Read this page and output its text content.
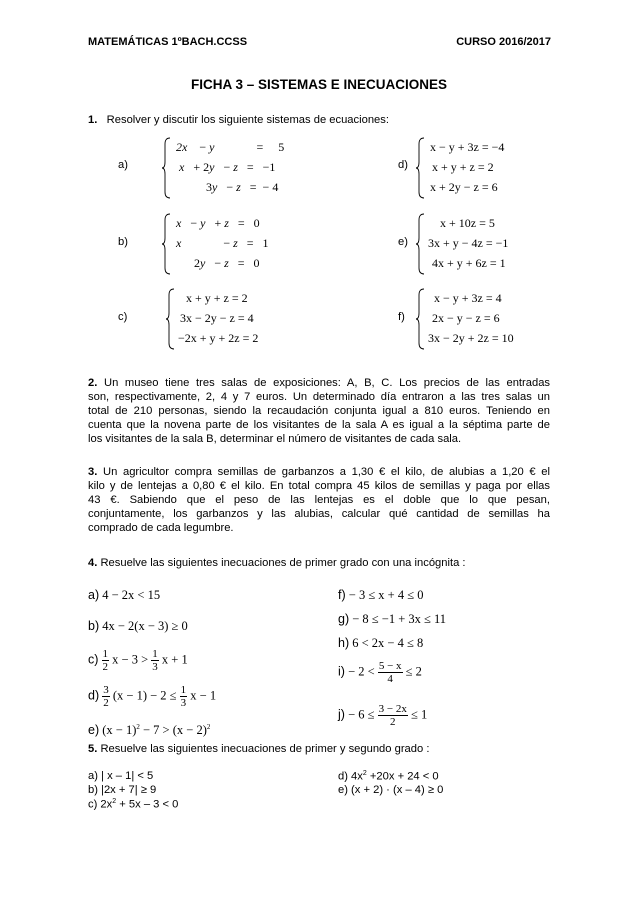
MATEMÁTICAS 1ºBACH.CCSS	CURSO 2016/2017
FICHA 3 – SISTEMAS E INECUACIONES
1. Resolver y discutir los siguiente sistemas de ecuaciones:
a)
2x    − y              =     5
x   + 2y   − z   =   −1
3y   − z   =  − 4
b)
x   − y   + z   =   0
x              − z   =   1
2y   − z   =   0
c)
x + y + z = 2
3x − 2y − z = 4
−2x + y + 2z = 2
d)
x − y + 3z = −4
x + y + z = 2
x + 2y − z = 6
e)
x + 10z = 5
3x + y − 4z = −1
4x + y + 6z = 1
f)
x − y + 3z = 4
2x − y − z = 6
3x − 2y + 2z = 10
2. Un museo tiene tres salas de exposiciones: A, B, C. Los precios de las entradas
son, respectivamente, 2, 4 y 7 euros. Un determinado día entraron a las tres salas un
total de 210 personas, siendo la recaudación conjunta igual a 810 euros. Teniendo en
cuenta que la novena parte de los visitantes de la sala A es igual a la séptima parte de
los visitantes de la sala B, determinar el número de visitantes de cada sala.
3. Un agricultor compra semillas de garbanzos a 1,30 € el kilo, de alubias a 1,20 € el
kilo y de lentejas a 0,80 € el kilo. En total compra 45 kilos de semillas y paga por ellas
43 €. Sabiendo que el peso de las lentejas es el doble que lo que pesan,
conjuntamente, los garbanzos y las alubias, calcular qué cantidad de semillas ha
comprado de cada legumbre.
4. Resuelve las siguientes inecuaciones de primer grado con una incógnita :
a) 4 − 2x < 15
b) 4x − 2(x − 3) ≥ 0
$c) \frac{1}{2}$ $x - 3 > \frac{1}{3}$ x + 1
$d) \frac{3}{2} (x - 1) - 2 \le \frac{1}{3}$ x − 1
e) $(x - 1)^2 - 7 > (x - 2)^2$
f) − 3 ≤ x + 4 ≤ 0
g) − 8 ≤ −1 + 3x ≤ 11
h) 6 < 2x − 4 ≤ 8
$i) - 2 < \frac{5 - x}{4} \le 2$
$j) - 6 \le \frac{3 - 2x}{2} \le 1$
5. Resuelve las siguientes inecuaciones de primer y segundo grado :
a) | x – 1| < 5
b) |2x + 7| ≥ 9
c) $2x^2 + 5x - 3 < 0$
d) $4x^2 +20x + 24 < 0$
e) (x + 2) · (x – 4) ≥ 0
